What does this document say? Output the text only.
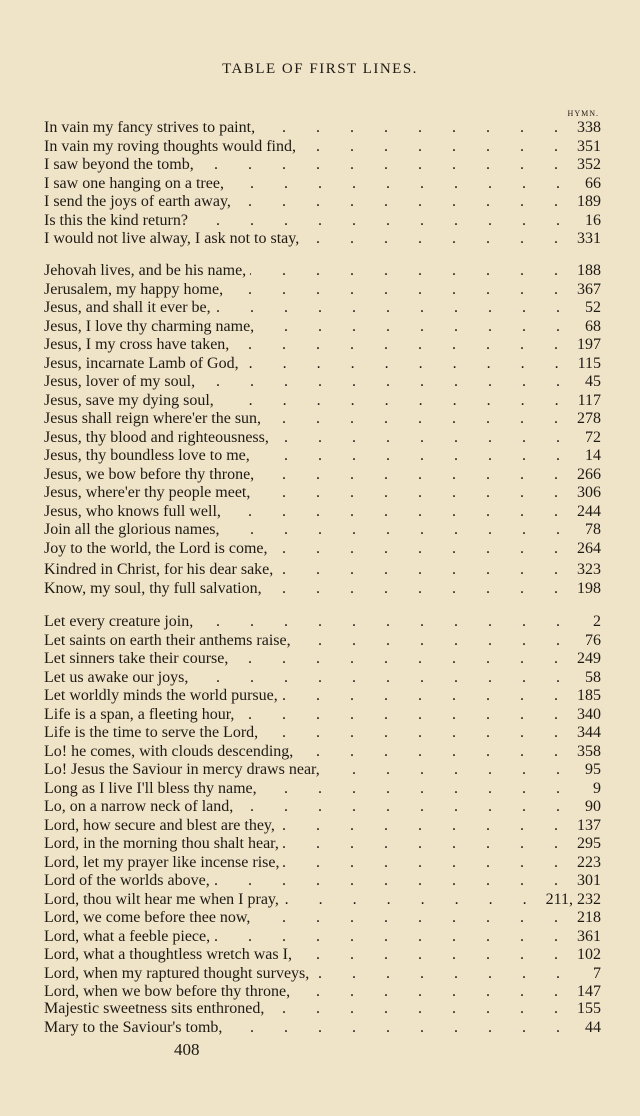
TABLE OF FIRST LINES.
HYMN.
In vain my fancy strives to paint, . . .	338
In vain my roving thoughts would find, . . .	351
I saw beyond the tomb, . . .	352
I saw one hanging on a tree, . . .	66
I send the joys of earth away, . . .	189
Is this the kind return? . . .	16
I would not live alway, I ask not to stay, . . .	331
Jehovah lives, and be his name, . . .	188
Jerusalem, my happy home, . . .	367
Jesus, and shall it ever be, . . .	52
Jesus, I love thy charming name, . . .	68
Jesus, I my cross have taken, . . .	197
Jesus, incarnate Lamb of God, . . .	115
Jesus, lover of my soul, . . .	45
Jesus, save my dying soul, . . .	117
Jesus shall reign where'er the sun, . . .	278
Jesus, thy blood and righteousness, . . .	72
Jesus, thy boundless love to me, . . .	14
Jesus, we bow before thy throne, . . .	266
Jesus, where'er thy people meet, . . .	306
Jesus, who knows full well, . . .	244
Join all the glorious names, . . .	78
Joy to the world, the Lord is come, . . .	264
Kindred in Christ, for his dear sake, . . .	323
Know, my soul, thy full salvation, . . .	198
Let every creature join, . . .	2
Let saints on earth their anthems raise, . . .	76
Let sinners take their course, . . .	249
Let us awake our joys, . . .	58
Let worldly minds the world pursue, . . .	185
Life is a span, a fleeting hour, . . .	340
Life is the time to serve the Lord, . . .	344
Lo! he comes, with clouds descending, . . .	358
Lo! Jesus the Saviour in mercy draws near, . . .	95
Long as I live I'll bless thy name, . . .	9
Lo, on a narrow neck of land, . . .	90
Lord, how secure and blest are they, . . .	137
Lord, in the morning thou shalt hear, . . .	295
Lord, let my prayer like incense rise, . . .	223
Lord of the worlds above, . . .	301
Lord, thou wilt hear me when I pray, . . .	211, 232
Lord, we come before thee now, . . .	218
Lord, what a feeble piece, . . .	361
Lord, what a thoughtless wretch was I, . . .	102
Lord, when my raptured thought surveys, . . .	7
Lord, when we bow before thy throne, . . .	147
Majestic sweetness sits enthroned, . . .	155
Mary to the Saviour's tomb, . . .	44
408
